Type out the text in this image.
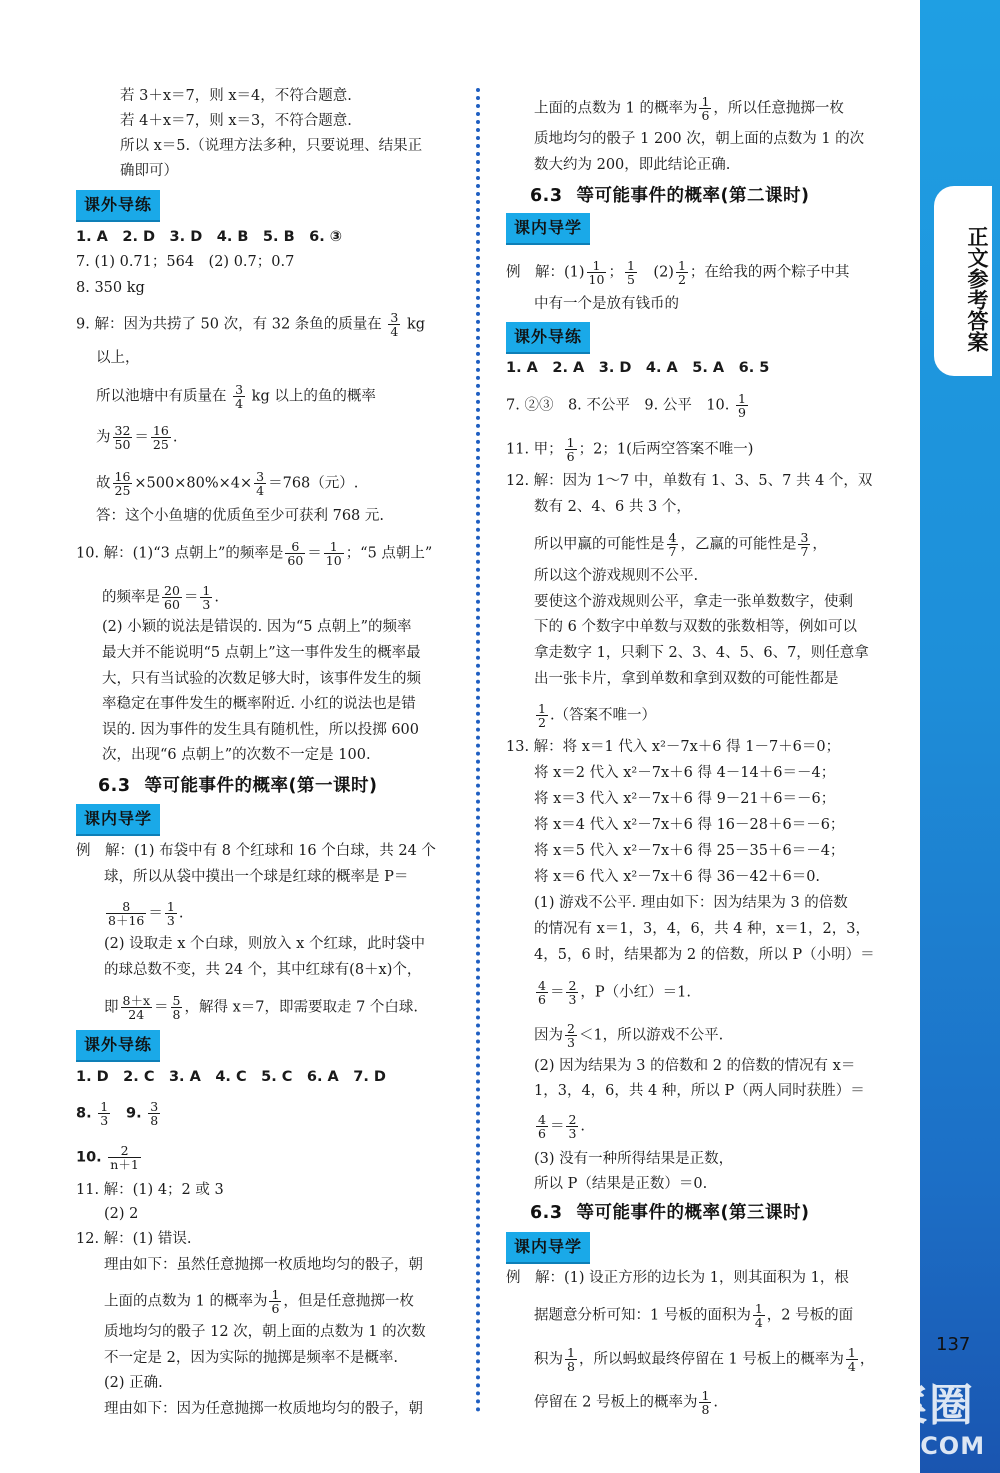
正文参考答案
137
答案圈
MXQE.COM
若 3＋x＝7，则 x＝4，不符合题意.
若 4＋x＝7，则 x＝3，不符合题意.
所以 x＝5.（说理方法多种，只要说理、结果正
确即可）
课外导练
1. A　2. D　3. D　4. B　5. B　6. ③
7. (1) 0.71；564　(2) 0.7；0.7
8. 350 kg
9. 解：因为共捞了 50 次，有 32 条鱼的质量在 $\frac{3}{4}$ kg
以上，
所以池塘中有质量在 $\frac{3}{4}$ kg 以上的鱼的概率
为 $\frac{32}{50} = \frac{16}{25}$ .
故 $\frac{16}{25} \times 500\times 80\%\times 4\times \frac{3}{4} =768$（元）.
答：这个小鱼塘的优质鱼至少可获利 768 元.
10. 解：(1)“3 点朝上”的频率是 $\frac{6}{60} = \frac{1}{10}$ ；“5 点朝上”
的频率是 $\frac{20}{60} = \frac{1}{3}$ .
(2) 小颖的说法是错误的. 因为“5 点朝上”的频率
最大并不能说明“5 点朝上”这一事件发生的概率最
大，只有当试验的次数足够大时，该事件发生的频
率稳定在事件发生的概率附近. 小红的说法也是错
误的. 因为事件的发生具有随机性，所以投掷 600
次，出现“6 点朝上”的次数不一定是 100.
6.3 等可能事件的概率(第一课时)
课内导学
例　解：(1) 布袋中有 8 个红球和 16 个白球，共 24 个
球，所以从袋中摸出一个球是红球的概率是 P＝
$\frac{8}{8+16} = \frac{1}{3}$ .
(2) 设取走 x 个白球，则放入 x 个红球，此时袋中
的球总数不变，共 24 个，其中红球有(8＋x)个，
即 $\frac{8+x}{24} = \frac{5}{8}$ ，解得 x＝7，即需要取走 7 个白球.
课外导练
1. D　2. C　3. A　4. C　5. C　6. A　7. D
8. $\frac{1}{3} 9$. $\frac{3}{8}$
10. $\frac{2}{n+1}$
11. 解：(1) 4；2 或 3
(2) 2
12. 解：(1) 错误.
理由如下：虽然任意抛掷一枚质地均匀的骰子，朝
上面的点数为 1 的概率为 $\frac{1}{6}$ ，但是任意抛掷一枚
质地均匀的骰子 12 次，朝上面的点数为 1 的次数
不一定是 2，因为实际的抛掷是频率不是概率.
(2) 正确.
理由如下：因为任意抛掷一枚质地均匀的骰子，朝
上面的点数为 1 的概率为 $\frac{1}{6}$ ，所以任意抛掷一枚
质地均匀的骰子 1 200 次，朝上面的点数为 1 的次
数大约为 200，即此结论正确.
6.3 等可能事件的概率(第二课时)
课内导学
例　解：$(1) \frac{1}{10}$ ； $\frac{1}{5}$ 　$(2) \frac{1}{2}$ ；在给我的两个粽子中其
中有一个是放有钱币的
课外导练
1. A　2. A　3. D　4. A　5. A　6. 5
7. ②③　8. 不公平　9. 公平　10. $\frac{1}{9}$
11. 甲； $\frac{1}{6}$ ；2；1(后两空答案不唯一)
12. 解：因为 1～7 中，单数有 1、3、5、7 共 4 个，双
数有 2、4、6 共 3 个，
所以甲赢的可能性是 $\frac{4}{7}$ ，乙赢的可能性是 $\frac{3}{7}$ ，
所以这个游戏规则不公平.
要使这个游戏规则公平，拿走一张单数数字，使剩
下的 6 个数字中单数与双数的张数相等，例如可以
拿走数字 1，只剩下 2、3、4、5、6、7，则任意拿
出一张卡片，拿到单数和拿到双数的可能性都是
$\frac{1}{2}$ .（答案不唯一）
13. 解：将 x＝1 代入 x²－7x＋6 得 1－7＋6＝0；
将 x＝2 代入 x²－7x＋6 得 4－14＋6＝－4；
将 x＝3 代入 x²－7x＋6 得 9－21＋6＝－6；
将 x＝4 代入 x²－7x＋6 得 16－28＋6＝－6；
将 x＝5 代入 x²－7x＋6 得 25－35＋6＝－4；
将 x＝6 代入 x²－7x＋6 得 36－42＋6＝0.
(1) 游戏不公平. 理由如下：因为结果为 3 的倍数
的情况有 x＝1，3，4，6，共 4 种，x＝1，2，3，
4，5，6 时，结果都为 2 的倍数，所以 P（小明）＝
$\frac{4}{6} = \frac{2}{3}$ ，P（小红）＝1.
因为 $\frac{2}{3} <1$，所以游戏不公平.
(2) 因为结果为 3 的倍数和 2 的倍数的情况有 x＝
1，3，4，6，共 4 种，所以 P（两人同时获胜）＝
$\frac{4}{6} = \frac{2}{3}$ .
(3) 没有一种所得结果是正数，
所以 P（结果是正数）＝0.
6.3 等可能事件的概率(第三课时)
课内导学
例　解：(1) 设正方形的边长为 1，则其面积为 1，根
据题意分析可知：1 号板的面积为 $\frac{1}{4}$ ，2 号板的面
积为 $\frac{1}{8}$ ，所以蚂蚁最终停留在 1 号板上的概率为 $\frac{1}{4}$ ，
停留在 2 号板上的概率为 $\frac{1}{8}$ .
